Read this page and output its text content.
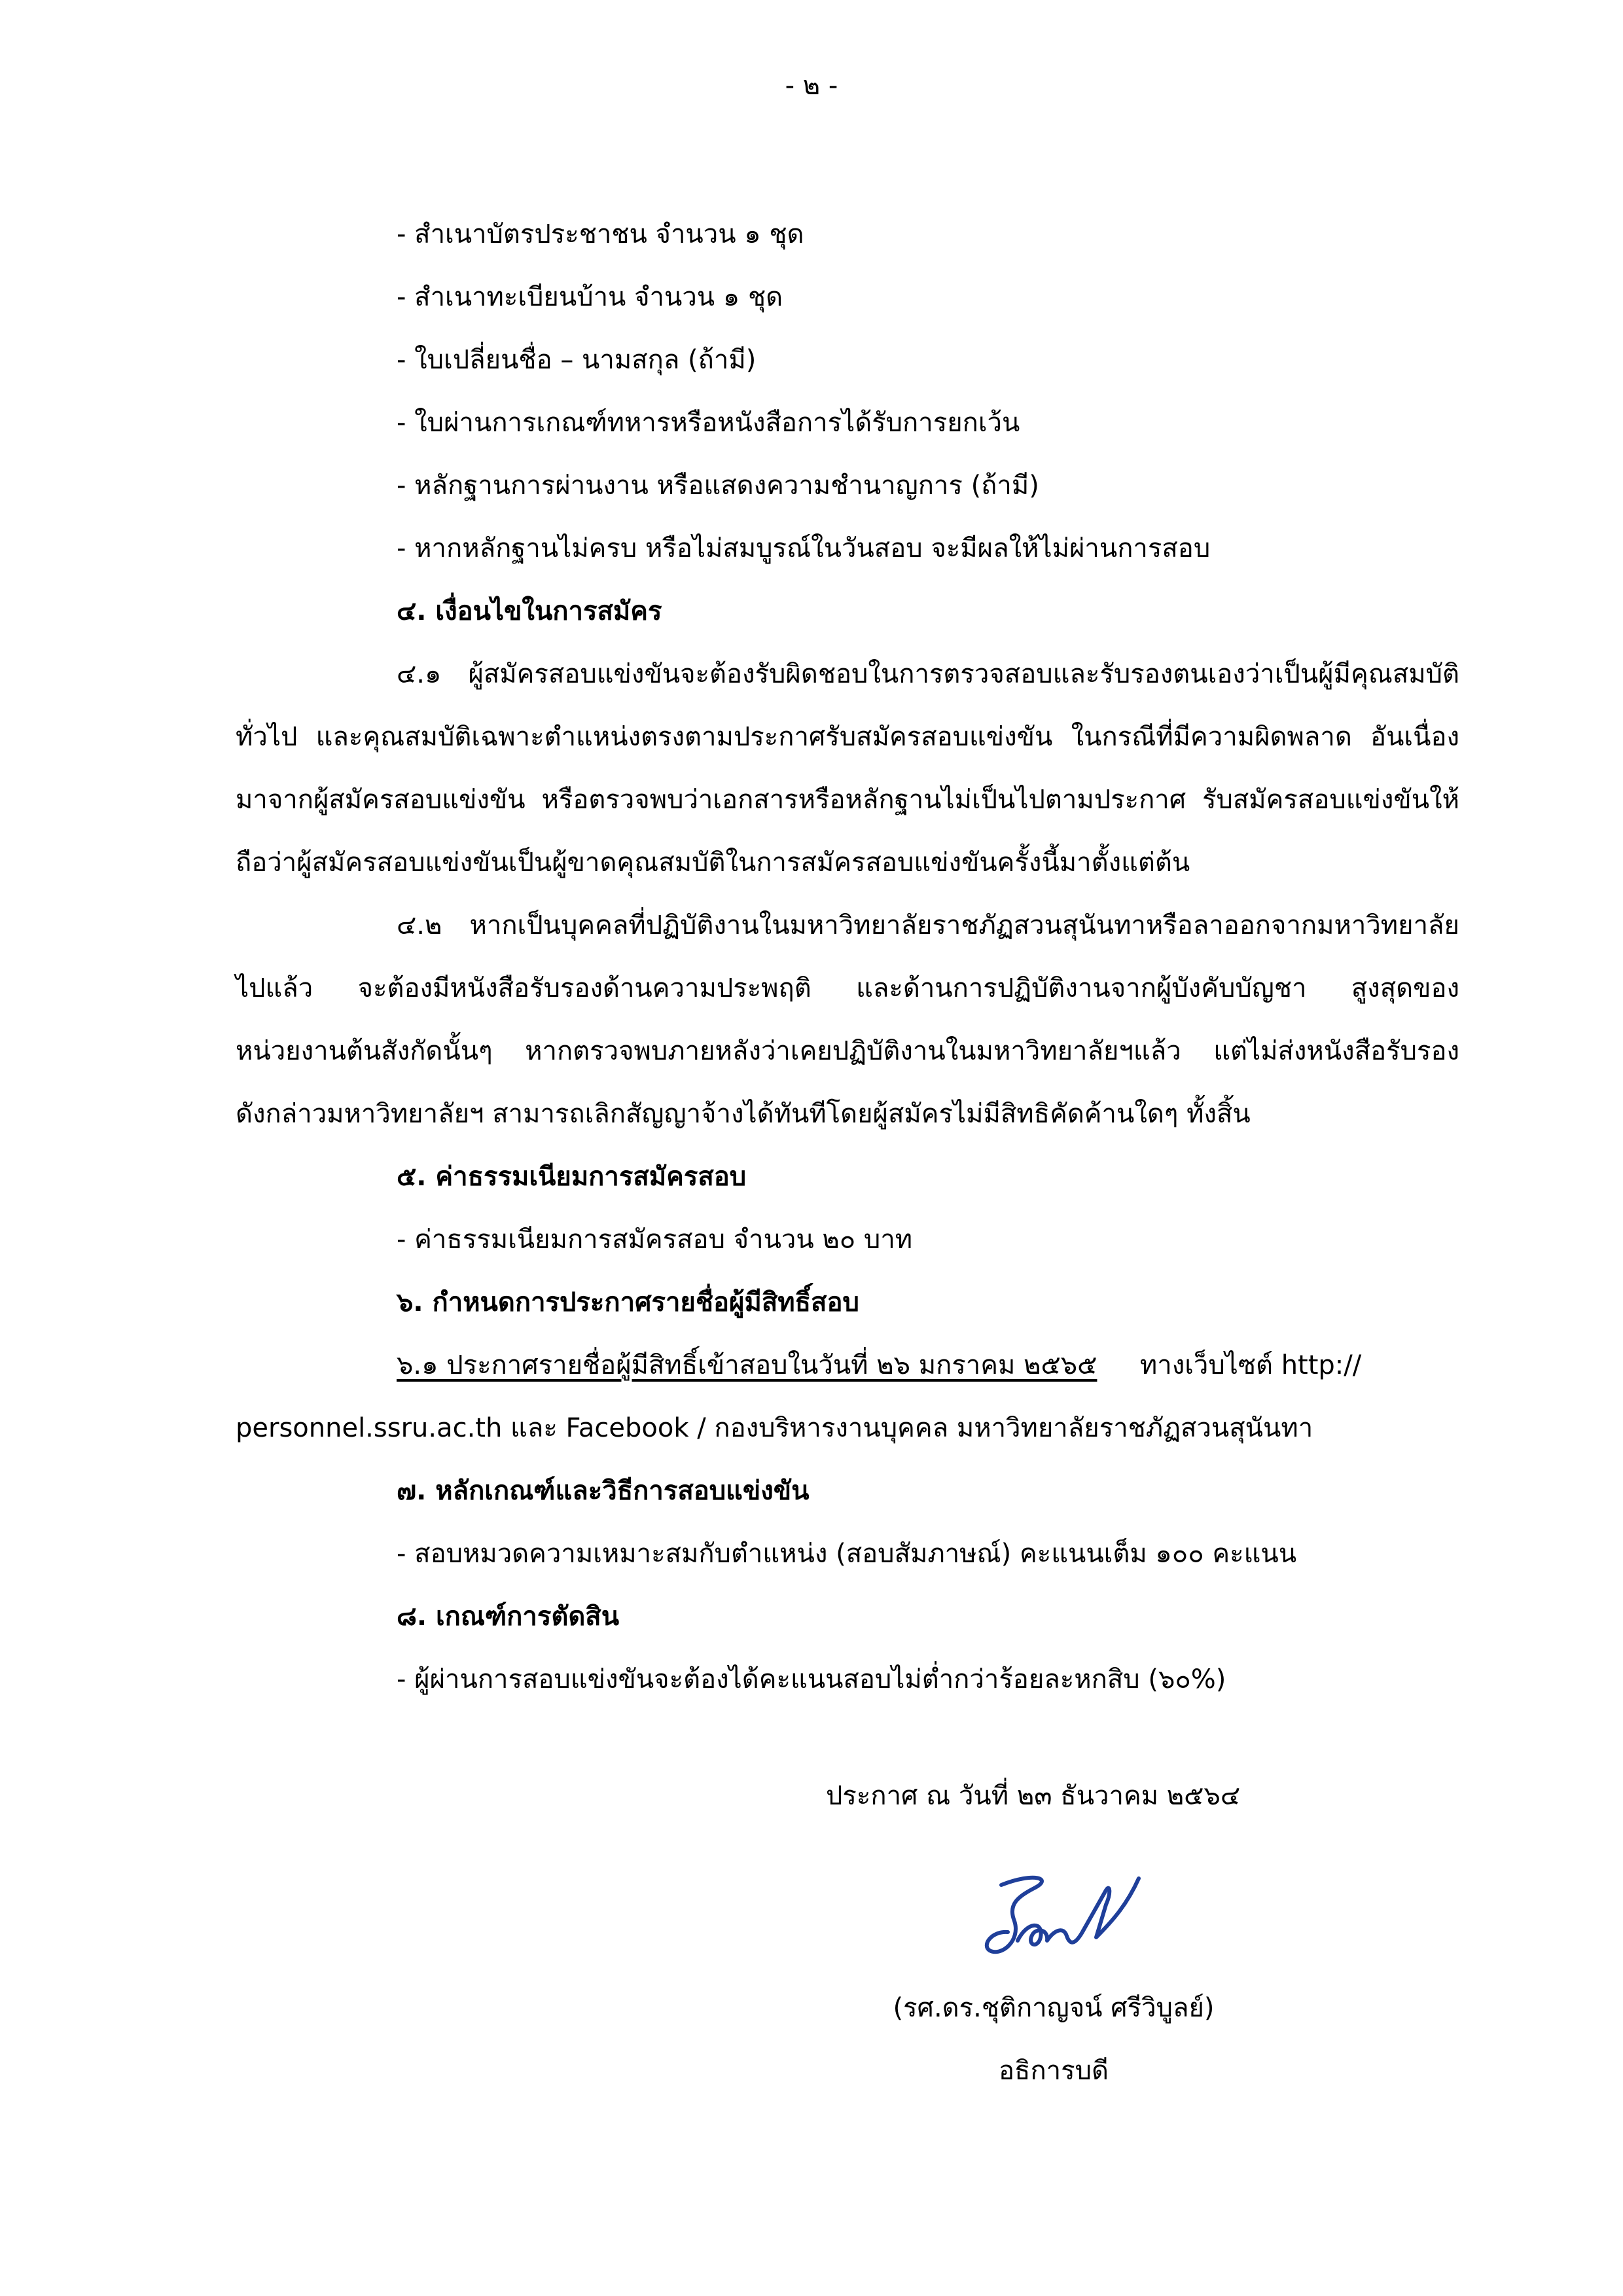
- ๒ -
- สำเนาบัตรประชาชน จำนวน ๑ ชุด
- สำเนาทะเบียนบ้าน จำนวน ๑ ชุด
- ใบเปลี่ยนชื่อ – นามสกุล (ถ้ามี)
- ใบผ่านการเกณฑ์ทหารหรือหนังสือการได้รับการยกเว้น
- หลักฐานการผ่านงาน หรือแสดงความชำนาญการ (ถ้ามี)
- หากหลักฐานไม่ครบ หรือไม่สมบูรณ์ในวันสอบ จะมีผลให้ไม่ผ่านการสอบ
๔. เงื่อนไขในการสมัคร
๔.๑ ผู้สมัครสอบแข่งขันจะต้องรับผิดชอบในการตรวจสอบและรับรองตนเองว่าเป็นผู้มีคุณสมบัติ
ทั่วไป และคุณสมบัติเฉพาะตำแหน่งตรงตามประกาศรับสมัครสอบแข่งขัน ในกรณีที่มีความผิดพลาด อันเนื่อง
มาจากผู้สมัครสอบแข่งขัน หรือตรวจพบว่าเอกสารหรือหลักฐานไม่เป็นไปตามประกาศ รับสมัครสอบแข่งขันให้
ถือว่าผู้สมัครสอบแข่งขันเป็นผู้ขาดคุณสมบัติในการสมัครสอบแข่งขันครั้งนี้มาตั้งแต่ต้น
๔.๒ หากเป็นบุคคลที่ปฏิบัติงานในมหาวิทยาลัยราชภัฏสวนสุนันทาหรือลาออกจากมหาวิทยาลัย
ไปแล้ว จะต้องมีหนังสือรับรองด้านความประพฤติ และด้านการปฏิบัติงานจากผู้บังคับบัญชา สูงสุดของ
หน่วยงานต้นสังกัดนั้นๆ หากตรวจพบภายหลังว่าเคยปฏิบัติงานในมหาวิทยาลัยฯแล้ว แต่ไม่ส่งหนังสือรับรอง
ดังกล่าวมหาวิทยาลัยฯ สามารถเลิกสัญญาจ้างได้ทันทีโดยผู้สมัครไม่มีสิทธิคัดค้านใดๆ ทั้งสิ้น
๕. ค่าธรรมเนียมการสมัครสอบ
- ค่าธรรมเนียมการสมัครสอบ จำนวน ๒๐ บาท
๖. กำหนดการประกาศรายชื่อผู้มีสิทธิ์สอบ
๖.๑ ประกาศรายชื่อผู้มีสิทธิ์เข้าสอบในวันที่ ๒๖ มกราคม ๒๕๖๕ ทางเว็บไซต์ http://
personnel.ssru.ac.th และ Facebook / กองบริหารงานบุคคล มหาวิทยาลัยราชภัฏสวนสุนันทา
๗. หลักเกณฑ์และวิธีการสอบแข่งขัน
- สอบหมวดความเหมาะสมกับตำแหน่ง (สอบสัมภาษณ์) คะแนนเต็ม ๑๐๐ คะแนน
๘. เกณฑ์การตัดสิน
- ผู้ผ่านการสอบแข่งขันจะต้องได้คะแนนสอบไม่ต่ำกว่าร้อยละหกสิบ (๖๐%)
ประกาศ ณ วันที่ ๒๓ ธันวาคม ๒๕๖๔
(รศ.ดร.ชุติกาญจน์ ศรีวิบูลย์)
อธิการบดี
